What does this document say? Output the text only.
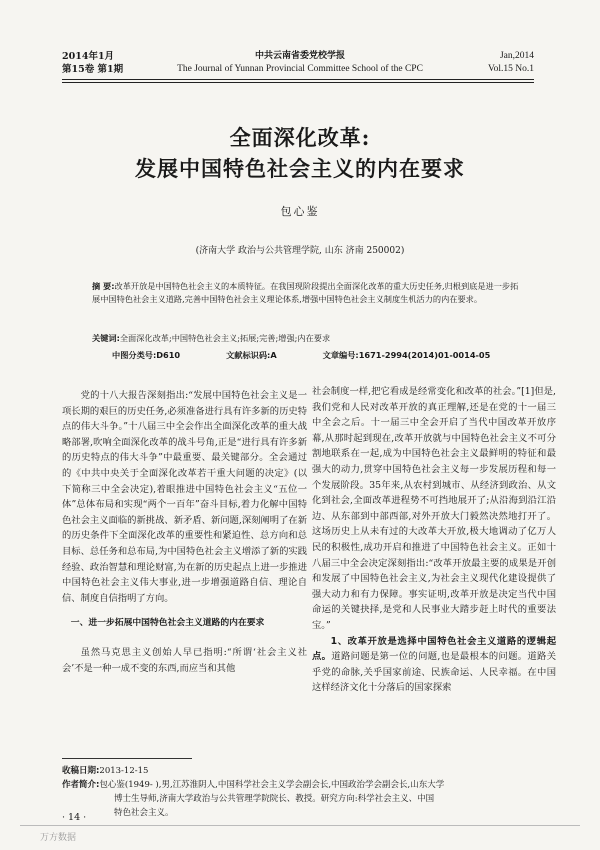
2014年1月
第15卷 第1期
中共云南省委党校学报
The Journal of Yunnan Provincial Committee School of the CPC
Jan,2014
Vol.15 No.1
全面深化改革:
发展中国特色社会主义的内在要求
包心鉴
(济南大学 政治与公共管理学院, 山东 济南 250002)
摘 要:改革开放是中国特色社会主义的本质特征。在我国现阶段提出全面深化改革的重大历史任务,归根到底是进一步拓展中国特色社会主义道路,完善中国特色社会主义理论体系,增强中国特色社会主义制度生机活力的内在要求。
关键词:全面深化改革;中国特色社会主义;拓展;完善;增强;内在要求
中图分类号:D610	文献标识码:A	文章编号:1671-2994(2014)01-0014-05

党的十八大报告深刻指出:“发展中国特色社会主义是一项长期的艰巨的历史任务,必须准备进行具有许多新的历史特点的伟大斗争。”十八届三中全会作出全面深化改革的重大战略部署,吹响全面深化改革的战斗号角,正是“进行具有许多新的历史特点的伟大斗争”中最重要、最关键部分。全会通过的《中共中央关于全面深化改革若干重大问题的决定》(以下简称三中全会决定),着眼推进中国特色社会主义“五位一体”总体布局和实现“两个一百年”奋斗目标,着力化解中国特色社会主义面临的新挑战、新矛盾、新问题,深刻阐明了在新的历史条件下全面深化改革的重要性和紧迫性、总方向和总目标、总任务和总布局,为中国特色社会主义增添了新的实践经验、政治智慧和理论财富,为在新的历史起点上进一步推进中国特色社会主义伟大事业,进一步增强道路自信、理论自信、制度自信指明了方向。

一、进一步拓展中国特色社会主义道路的内在要求

虽然马克思主义创始人早已指明:“所谓‘社会主义社会’不是一种一成不变的东西,而应当和其他

社会制度一样,把它看成是经常变化和改革的社会。”[1]但是,我们党和人民对改革开放的真正理解,还是在党的十一届三中全会之后。十一届三中全会开启了当代中国改革开放序幕,从那时起到现在,改革开放就与中国特色社会主义不可分割地联系在一起,成为中国特色社会主义最鲜明的特征和最强大的动力,贯穿中国特色社会主义每一步发展历程和每一个发展阶段。35年来,从农村到城市、从经济到政治、从文化到社会,全面改革进程势不可挡地展开了;从沿海到沿江沿边、从东部到中部西部,对外开放大门毅然决然地打开了。这场历史上从未有过的大改革大开放,极大地调动了亿万人民的积极性,成功开启和推进了中国特色社会主义。正如十八届三中全会决定深刻指出:“改革开放最主要的成果是开创和发展了中国特色社会主义,为社会主义现代化建设提供了强大动力和有力保障。事实证明,改革开放是决定当代中国命运的关键抉择,是党和人民事业大踏步赶上时代的重要法宝。”

1、改革开放是选择中国特色社会主义道路的逻辑起点。道路问题是第一位的问题,也是最根本的问题。道路关乎党的命脉,关乎国家前途、民族命运、人民幸福。在中国这样经济文化十分落后的国家探索

收稿日期:2013-12-15
作者简介:包心鉴(1949- ),男,江苏淮阴人,中国科学社会主义学会副会长,中国政治学会副会长,山东大学
博士生导师,济南大学政治与公共管理学院院长、教授。研究方向:科学社会主义、中国
特色社会主义。
· 14 ·
万方数据
